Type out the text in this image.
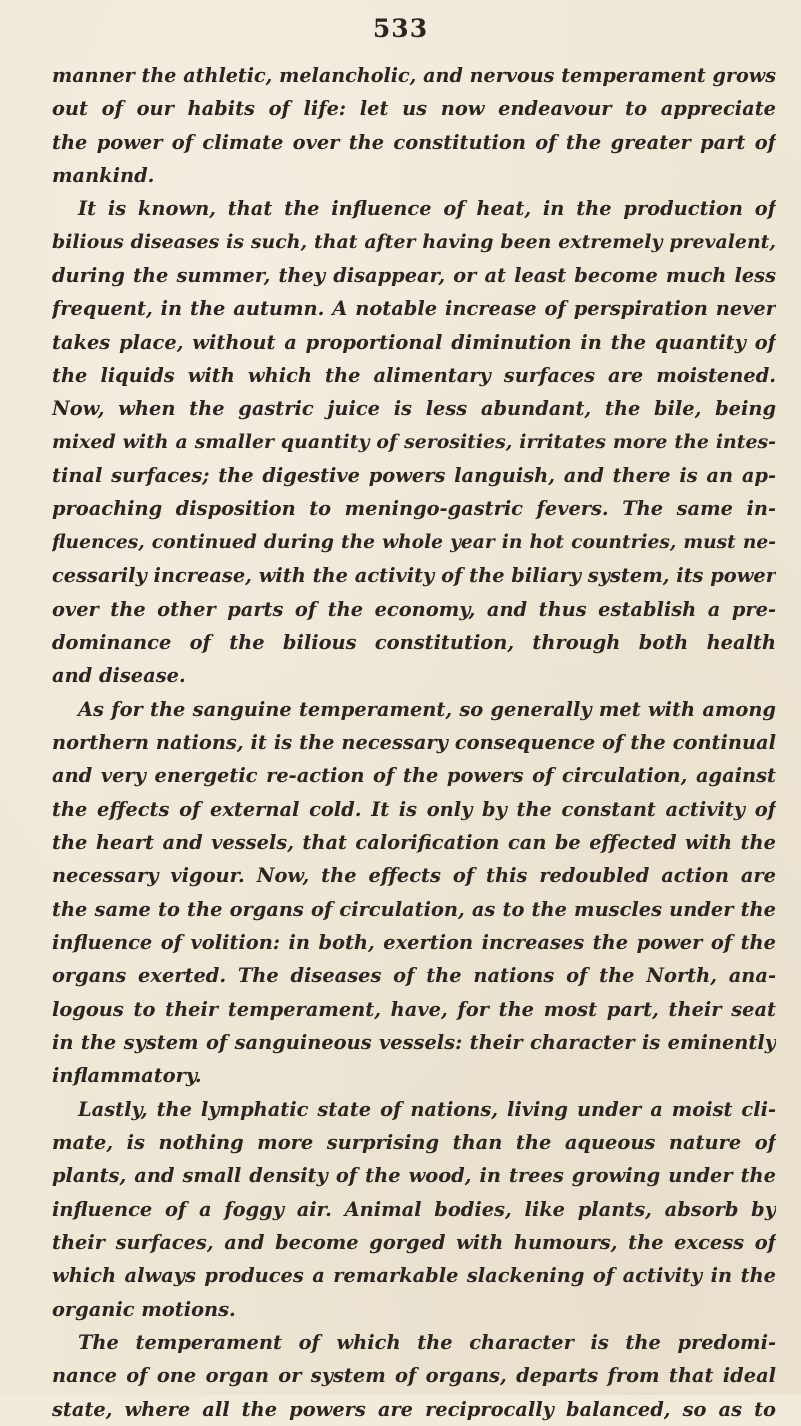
533
manner the athletic, melancholic, and nervous temperament grows
out of our habits of life: let us now endeavour to appreciate
the power of climate over the constitution of the greater part of
mankind.
It is known, that the influence of heat, in the production of
bilious diseases is such, that after having been extremely prevalent,
during the summer, they disappear, or at least become much less
frequent, in the autumn. A notable increase of perspiration never
takes place, without a proportional diminution in the quantity of
the liquids with which the alimentary surfaces are moistened.
Now, when the gastric juice is less abundant, the bile, being
mixed with a smaller quantity of serosities, irritates more the intes-
tinal surfaces; the digestive powers languish, and there is an ap-
proaching disposition to meningo-gastric fevers. The same in-
fluences, continued during the whole year in hot countries, must ne-
cessarily increase, with the activity of the biliary system, its power
over the other parts of the economy, and thus establish a pre-
dominance of the bilious constitution, through both health
and disease.
As for the sanguine temperament, so generally met with among
northern nations, it is the necessary consequence of the continual
and very energetic re-action of the powers of circulation, against
the effects of external cold. It is only by the constant activity of
the heart and vessels, that calorification can be effected with the
necessary vigour. Now, the effects of this redoubled action are
the same to the organs of circulation, as to the muscles under the
influence of volition: in both, exertion increases the power of the
organs exerted. The diseases of the nations of the North, ana-
logous to their temperament, have, for the most part, their seat
in the system of sanguineous vessels: their character is eminently
inflammatory.
Lastly, the lymphatic state of nations, living under a moist cli-
mate, is nothing more surprising than the aqueous nature of
plants, and small density of the wood, in trees growing under the
influence of a foggy air. Animal bodies, like plants, absorb by
their surfaces, and become gorged with humours, the excess of
which always produces a remarkable slackening of activity in the
organic motions.
The temperament of which the character is the predomi-
nance of one organ or system of organs, departs from that ideal
state, where all the powers are reciprocally balanced, so as to
